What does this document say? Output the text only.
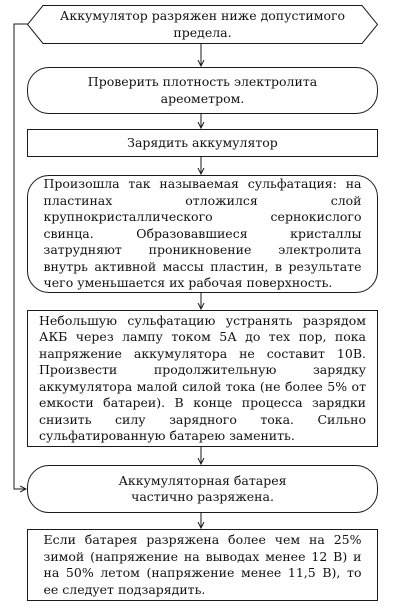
Аккумулятор разряжен ниже допустимого предела.
Проверить плотность электролита ареометром.
Зарядить аккумулятор
Произошла так называемая сульфатация: на пластинах отложился слой крупнокристаллического сернокислого свинца. Образовавшиеся кристаллы затрудняют проникновение электролита внутрь активной массы пластин, в результате чего уменьшается их рабочая поверхность.
Небольшую сульфатацию устранять разрядом АКБ через лампу током 5А до тех пор, пока напряжение аккумулятора не составит 10В. Произвести продолжительную зарядку аккумулятора малой силой тока (не более 5% от емкости батареи). В конце процесса зарядки снизить силу зарядного тока. Сильно сульфатированную батарею заменить.
Аккумуляторная батарея частично разряжена.
Если батарея разряжена более чем на 25% зимой (напряжение на выводах менее 12 В) и на 50% летом (напряжение менее 11,5 В), то ее следует подзарядить.
